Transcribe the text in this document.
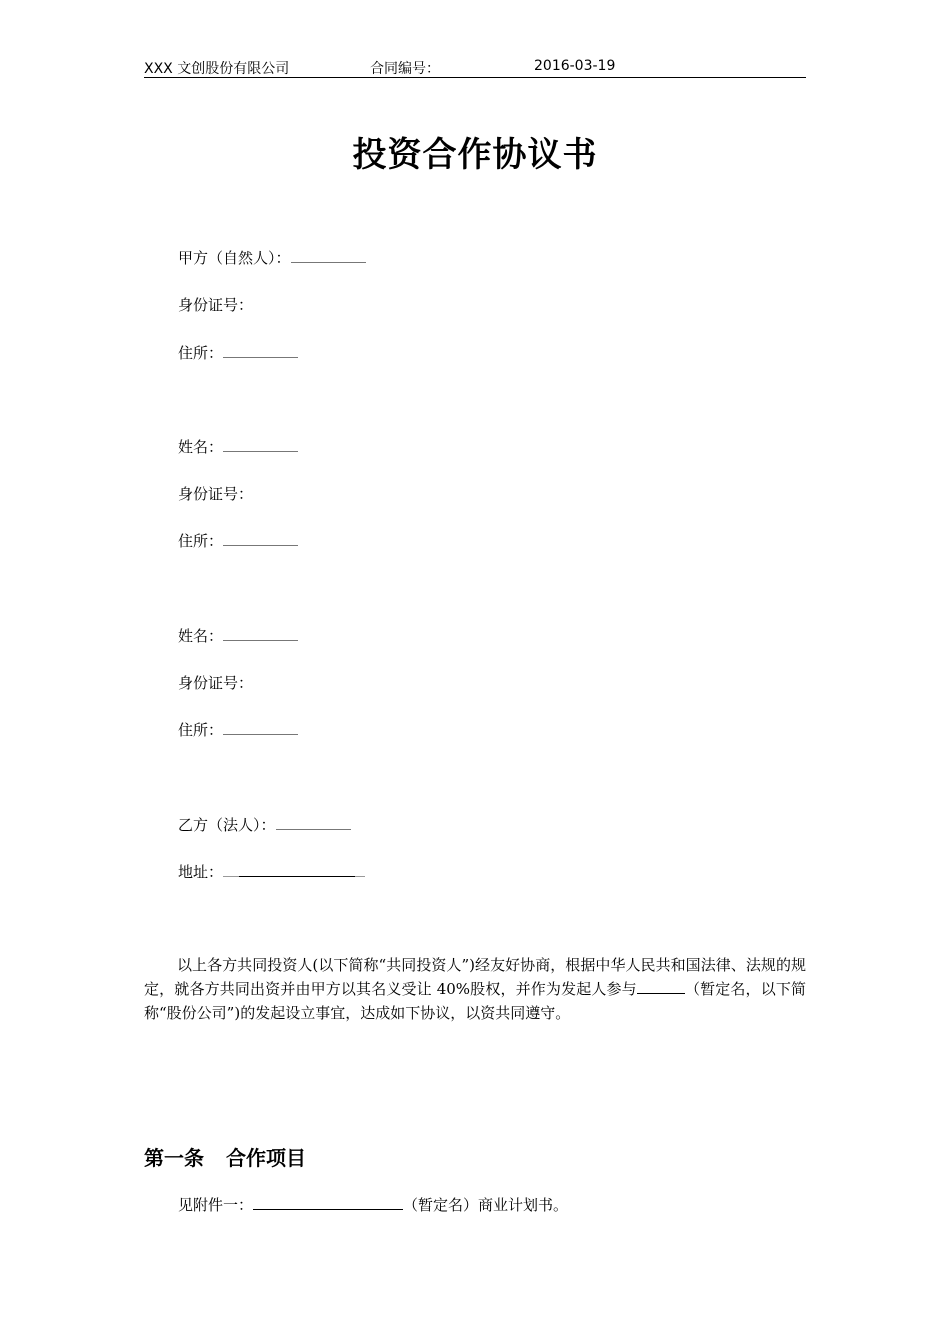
XXX 文创股份有限公司	合同编号：	2016-03-19
投资合作协议书
甲方（自然人）：
身份证号：
住所：
姓名：
身份证号：
住所：
姓名：
身份证号：
住所：
乙方（法人）：
地址：
以上各方共同投资人(以下简称“共同投资人”)经友好协商，根据中华人民共和国法律、法规的规定，就各方共同出资并由甲方以其名义受让 40%股权，并作为发起人参与	（暂定名，以下简称“股份公司”)的发起设立事宜，达成如下协议，以资共同遵守。
第一条 合作项目
见附件一：	（暂定名）商业计划书。
